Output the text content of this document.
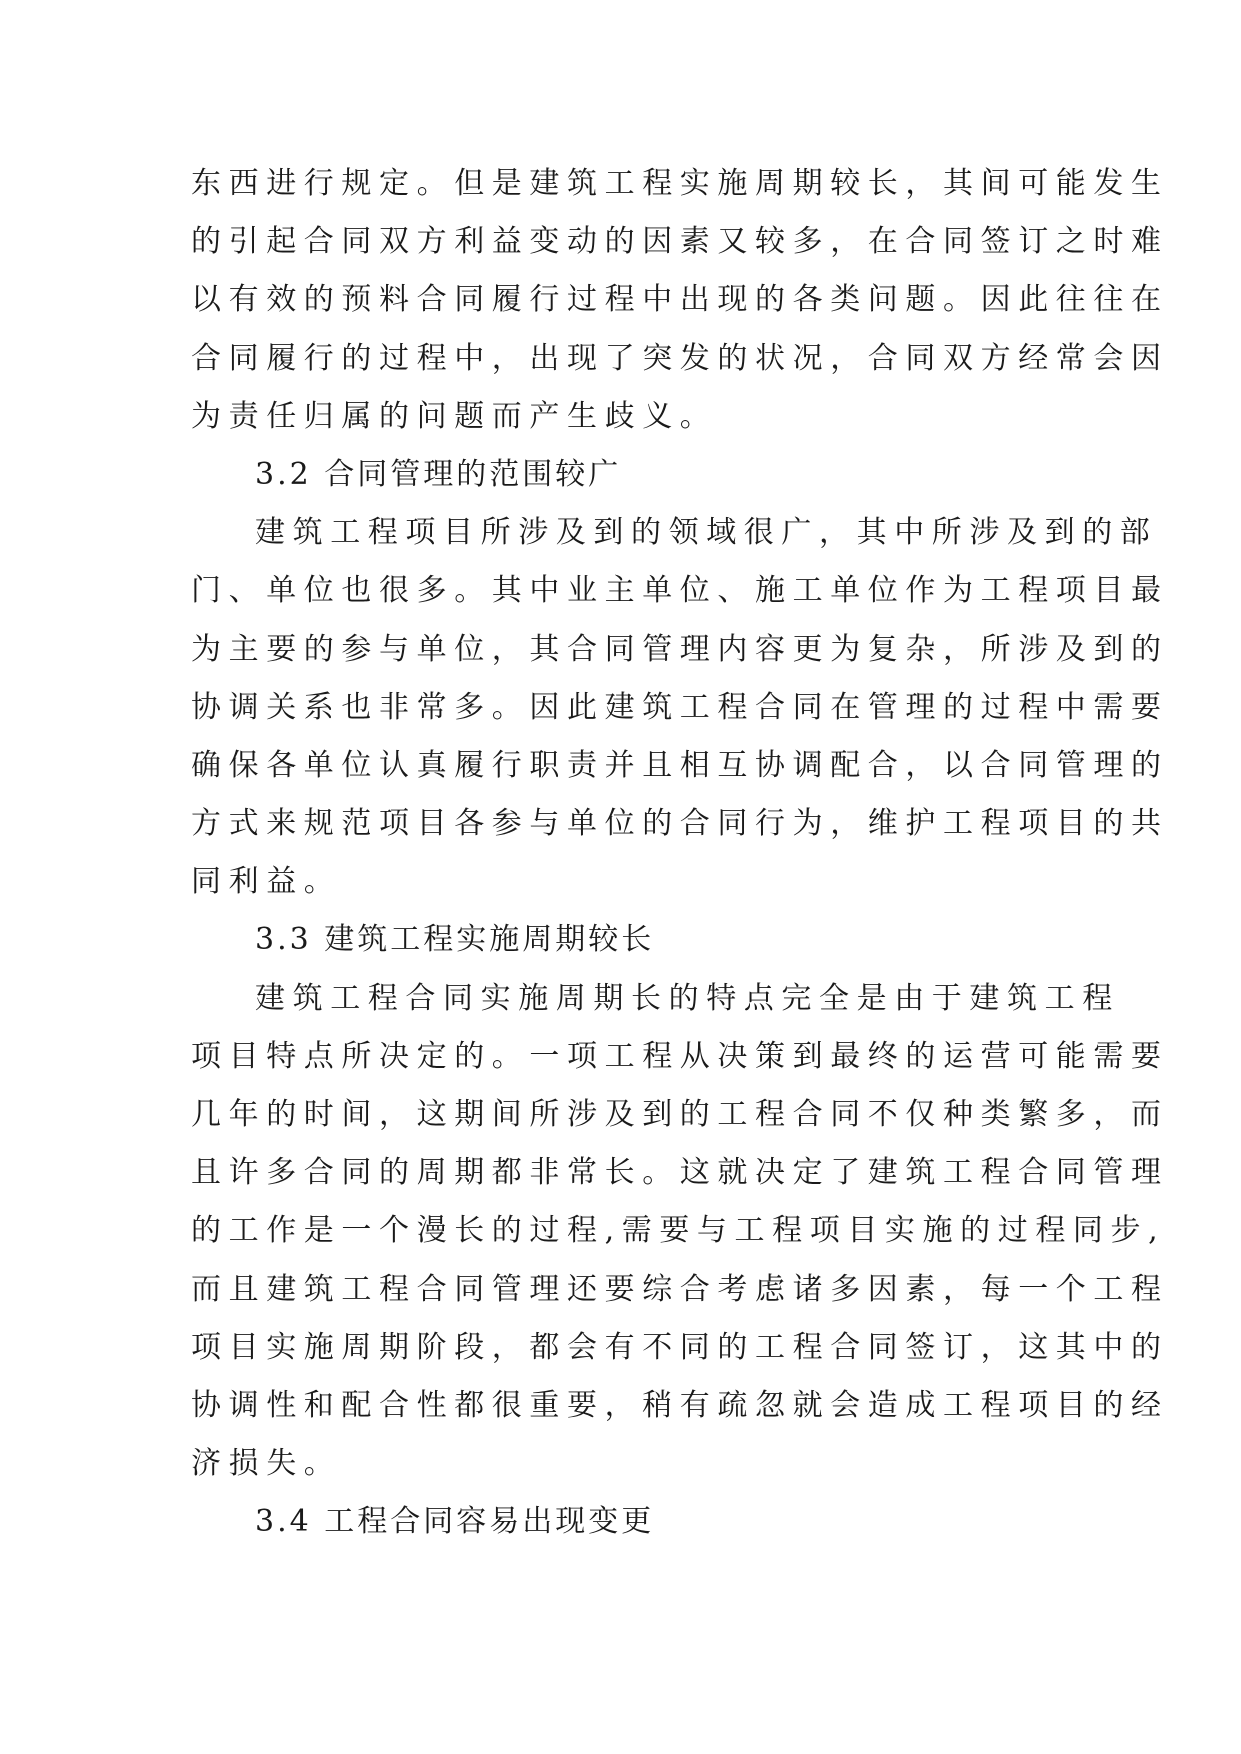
东西进行规定。但是建筑工程实施周期较长，其间可能发生
的引起合同双方利益变动的因素又较多，在合同签订之时难
以有效的预料合同履行过程中出现的各类问题。因此往往在
合同履行的过程中，出现了突发的状况，合同双方经常会因
为责任归属的问题而产生歧义。
3.2 合同管理的范围较广
建筑工程项目所涉及到的领域很广，其中所涉及到的部
门、单位也很多。其中业主单位、施工单位作为工程项目最
为主要的参与单位，其合同管理内容更为复杂，所涉及到的
协调关系也非常多。因此建筑工程合同在管理的过程中需要
确保各单位认真履行职责并且相互协调配合，以合同管理的
方式来规范项目各参与单位的合同行为，维护工程项目的共
同利益。
3.3 建筑工程实施周期较长
建筑工程合同实施周期长的特点完全是由于建筑工程
项目特点所决定的。一项工程从决策到最终的运营可能需要
几年的时间，这期间所涉及到的工程合同不仅种类繁多，而
且许多合同的周期都非常长。这就决定了建筑工程合同管理
的工作是一个漫长的过程,需要与工程项目实施的过程同步,
而且建筑工程合同管理还要综合考虑诸多因素，每一个工程
项目实施周期阶段，都会有不同的工程合同签订，这其中的
协调性和配合性都很重要，稍有疏忽就会造成工程项目的经
济损失。
3.4 工程合同容易出现变更
